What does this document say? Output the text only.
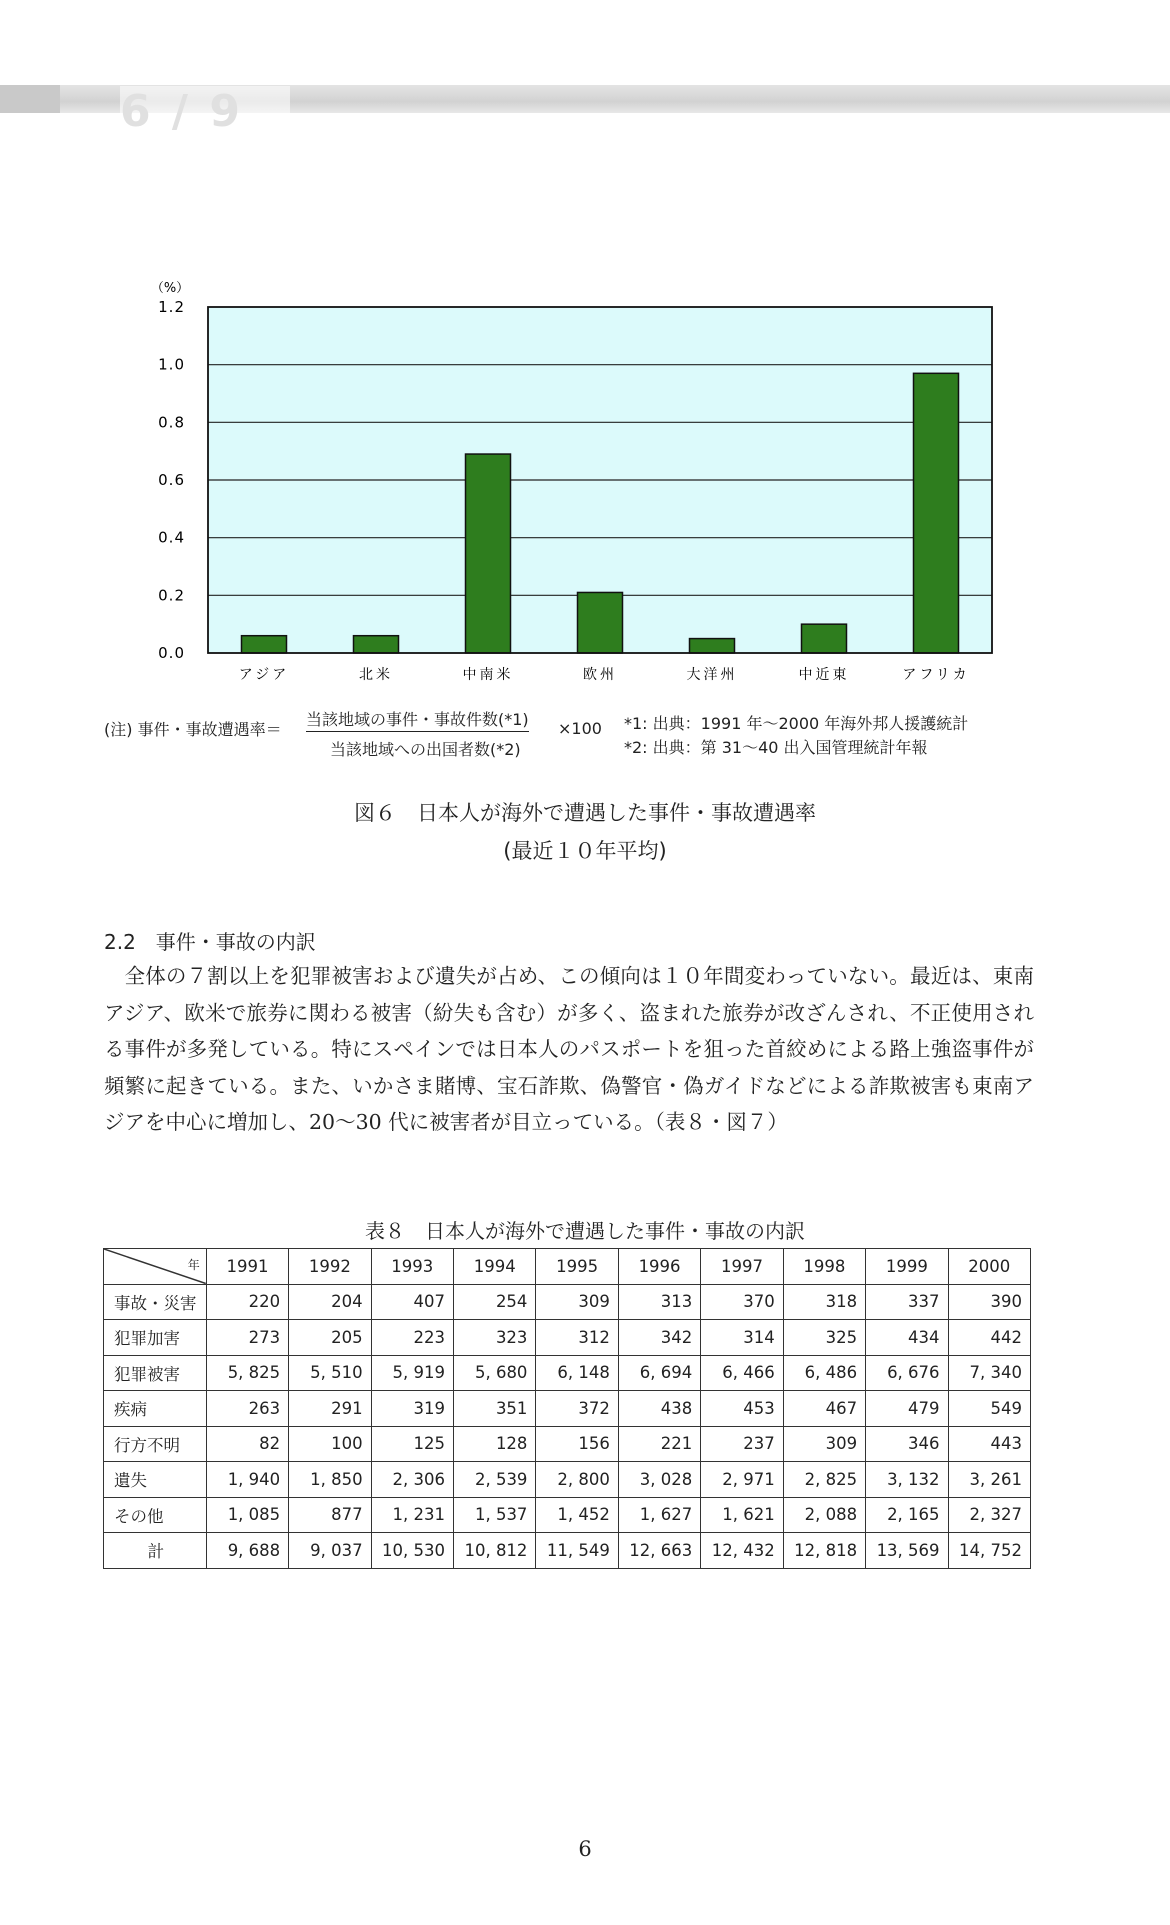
6 / 9
0.0
0.2
0.4
0.6
0.8
1.0
1.2
アジア	北米	中南米	欧州	大洋州	中近東	アフリカ
（%）
(注) 事件・事故遭遇率＝
当該地域の事件・事故件数(*1)
当該地域への出国者数(*2)
×100 *1: 出典：1991 年～2000 年海外邦人援護統計
*2: 出典：第 31～40 出入国管理統計年報
図６　日本人が海外で遭遇した事件・事故遭遇率
(最近１０年平均)
2.2　事件・事故の内訳
全体の７割以上を犯罪被害および遺失が占め、この傾向は１０年間変わっていない。最近は、東南アジア、欧米で旅券に関わる被害（紛失も含む）が多く、盗まれた旅券が改ざんされ、不正使用される事件が多発している。特にスペインでは日本人のパスポートを狙った首絞めによる路上強盗事件が頻繁に起きている。また、いかさま賭博、宝石詐欺、偽警官・偽ガイドなどによる詐欺被害も東南アジアを中心に増加し、20～30 代に被害者が目立っている。（表８・図７）
表８　日本人が海外で遭遇した事件・事故の内訳
年	1991	1992	1993	1994	1995	1996	1997	1998	1999	2000
事故・災害	220	204	407	254	309	313	370	318	337	390
犯罪加害	273	205	223	323	312	342	314	325	434	442
犯罪被害	5, 825	5, 510	5, 919	5, 680	6, 148	6, 694	6, 466	6, 486	6, 676	7, 340
疾病	263	291	319	351	372	438	453	467	479	549
行方不明	82	100	125	128	156	221	237	309	346	443
遺失	1, 940	1, 850	2, 306	2, 539	2, 800	3, 028	2, 971	2, 825	3, 132	3, 261
その他	1, 085	877	1, 231	1, 537	1, 452	1, 627	1, 621	2, 088	2, 165	2, 327
計	9, 688	9, 037	10, 530	10, 812	11, 549	12, 663	12, 432	12, 818	13, 569	14, 752
6
